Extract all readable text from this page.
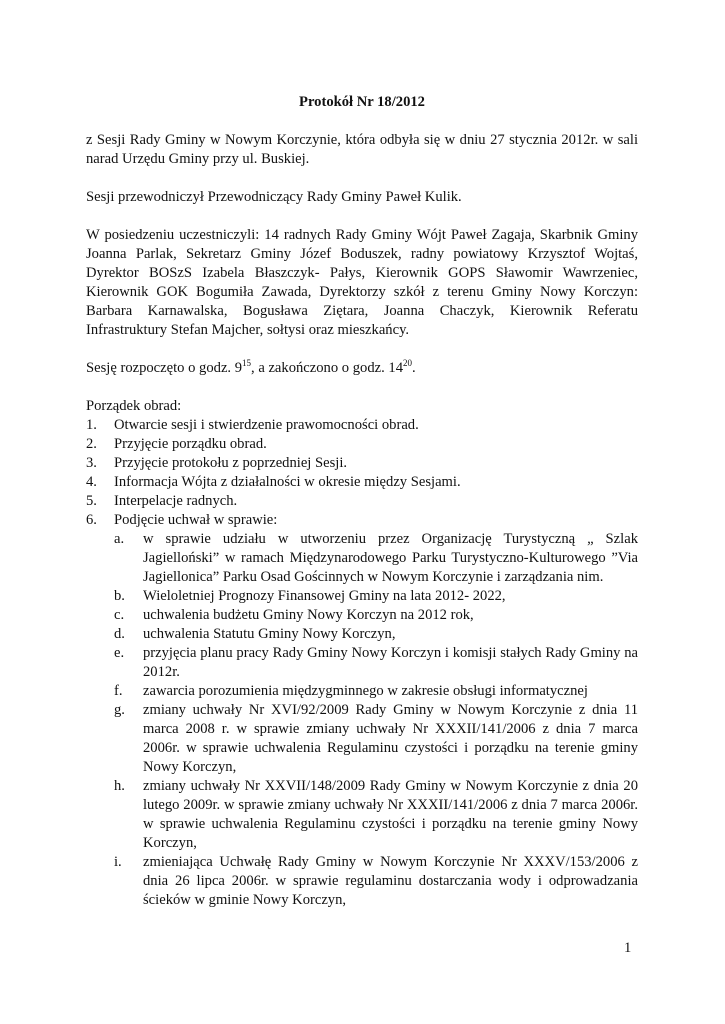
Protokół Nr 18/2012

z Sesji Rady Gminy w Nowym Korczynie, która odbyła się w dniu 27 stycznia 2012r. w sali narad Urzędu Gminy przy ul. Buskiej.

Sesji przewodniczył Przewodniczący Rady Gminy Paweł Kulik.

W posiedzeniu uczestniczyli: 14 radnych Rady Gminy Wójt Paweł Zagaja, Skarbnik Gminy Joanna Parlak, Sekretarz Gminy Józef Boduszek, radny powiatowy Krzysztof Wojtaś, Dyrektor BOSzS Izabela Błaszczyk- Pałys, Kierownik GOPS Sławomir Wawrzeniec, Kierownik GOK Bogumiła Zawada, Dyrektorzy szkół z terenu Gminy Nowy Korczyn: Barbara Karnawalska, Bogusława Ziętara, Joanna Chaczyk, Kierownik Referatu Infrastruktury Stefan Majcher, sołtysi oraz mieszkańcy.

Sesję rozpoczęto o godz. $9^{15}$, a zakończono o godz. $14^{20}$.

Porządek obrad:
1. Otwarcie sesji i stwierdzenie prawomocności obrad.
2. Przyjęcie porządku obrad.
3. Przyjęcie protokołu z poprzedniej Sesji.
4. Informacja Wójta z działalności w okresie między Sesjami.
5. Interpelacje radnych.
6. Podjęcie uchwał w sprawie:
a. w sprawie udziału w utworzeniu przez Organizację Turystyczną „ Szlak Jagielloński” w ramach Międzynarodowego Parku Turystyczno-Kulturowego ”Via Jagiellonica” Parku Osad Gościnnych w Nowym Korczynie i zarządzania nim.
b. Wieloletniej Prognozy Finansowej Gminy na lata 2012- 2022,
c. uchwalenia budżetu Gminy Nowy Korczyn na 2012 rok,
d. uchwalenia Statutu Gminy Nowy Korczyn,
e. przyjęcia planu pracy Rady Gminy Nowy Korczyn i komisji stałych Rady Gminy na 2012r.
f. zawarcia porozumienia międzygminnego w zakresie obsługi informatycznej
g. zmiany uchwały Nr XVI/92/2009 Rady Gminy w Nowym Korczynie z dnia 11 marca 2008 r. w sprawie zmiany uchwały Nr XXXII/141/2006 z dnia 7 marca 2006r. w sprawie uchwalenia Regulaminu czystości i porządku na terenie gminy Nowy Korczyn,
h. zmiany uchwały Nr XXVII/148/2009 Rady Gminy w Nowym Korczynie z dnia 20 lutego 2009r. w sprawie zmiany uchwały Nr XXXII/141/2006 z dnia 7 marca 2006r. w sprawie uchwalenia Regulaminu czystości i porządku na terenie gminy Nowy Korczyn,
i. zmieniająca Uchwałę Rady Gminy w Nowym Korczynie Nr XXXV/153/2006 z dnia 26 lipca 2006r. w sprawie regulaminu dostarczania wody i odprowadzania ścieków w gminie Nowy Korczyn,
1
